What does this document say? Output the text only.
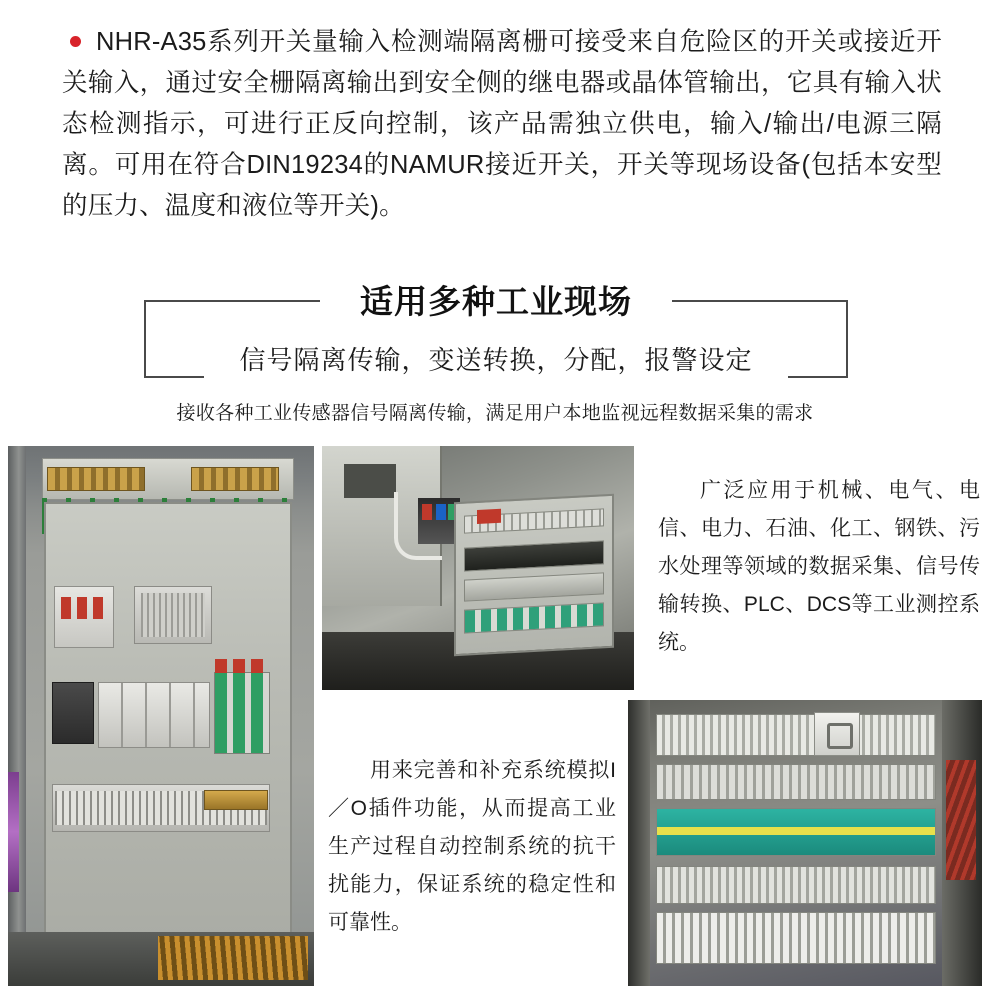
NHR-A35系列开关量输入检测端隔离栅可接受来自危险区的开关或接近开关输入，通过安全栅隔离输出到安全侧的继电器或晶体管输出，它具有输入状态检测指示，可进行正反向控制，该产品需独立供电，输入/输出/电源三隔离。可用在符合DIN19234的NAMUR接近开关，开关等现场设备(包括本安型的压力、温度和液位等开关)。
适用多种工业现场
信号隔离传输，变送转换，分配，报警设定
接收各种工业传感器信号隔离传输，满足用户本地监视远程数据采集的需求
广泛应用于机械、电气、电信、电力、石油、化工、钢铁、污水处理等领域的数据采集、信号传输转换、PLC、DCS等工业测控系统。
用来完善和补充系统模拟I／O插件功能，从而提高工业生产过程自动控制系统的抗干扰能力，保证系统的稳定性和可靠性。
